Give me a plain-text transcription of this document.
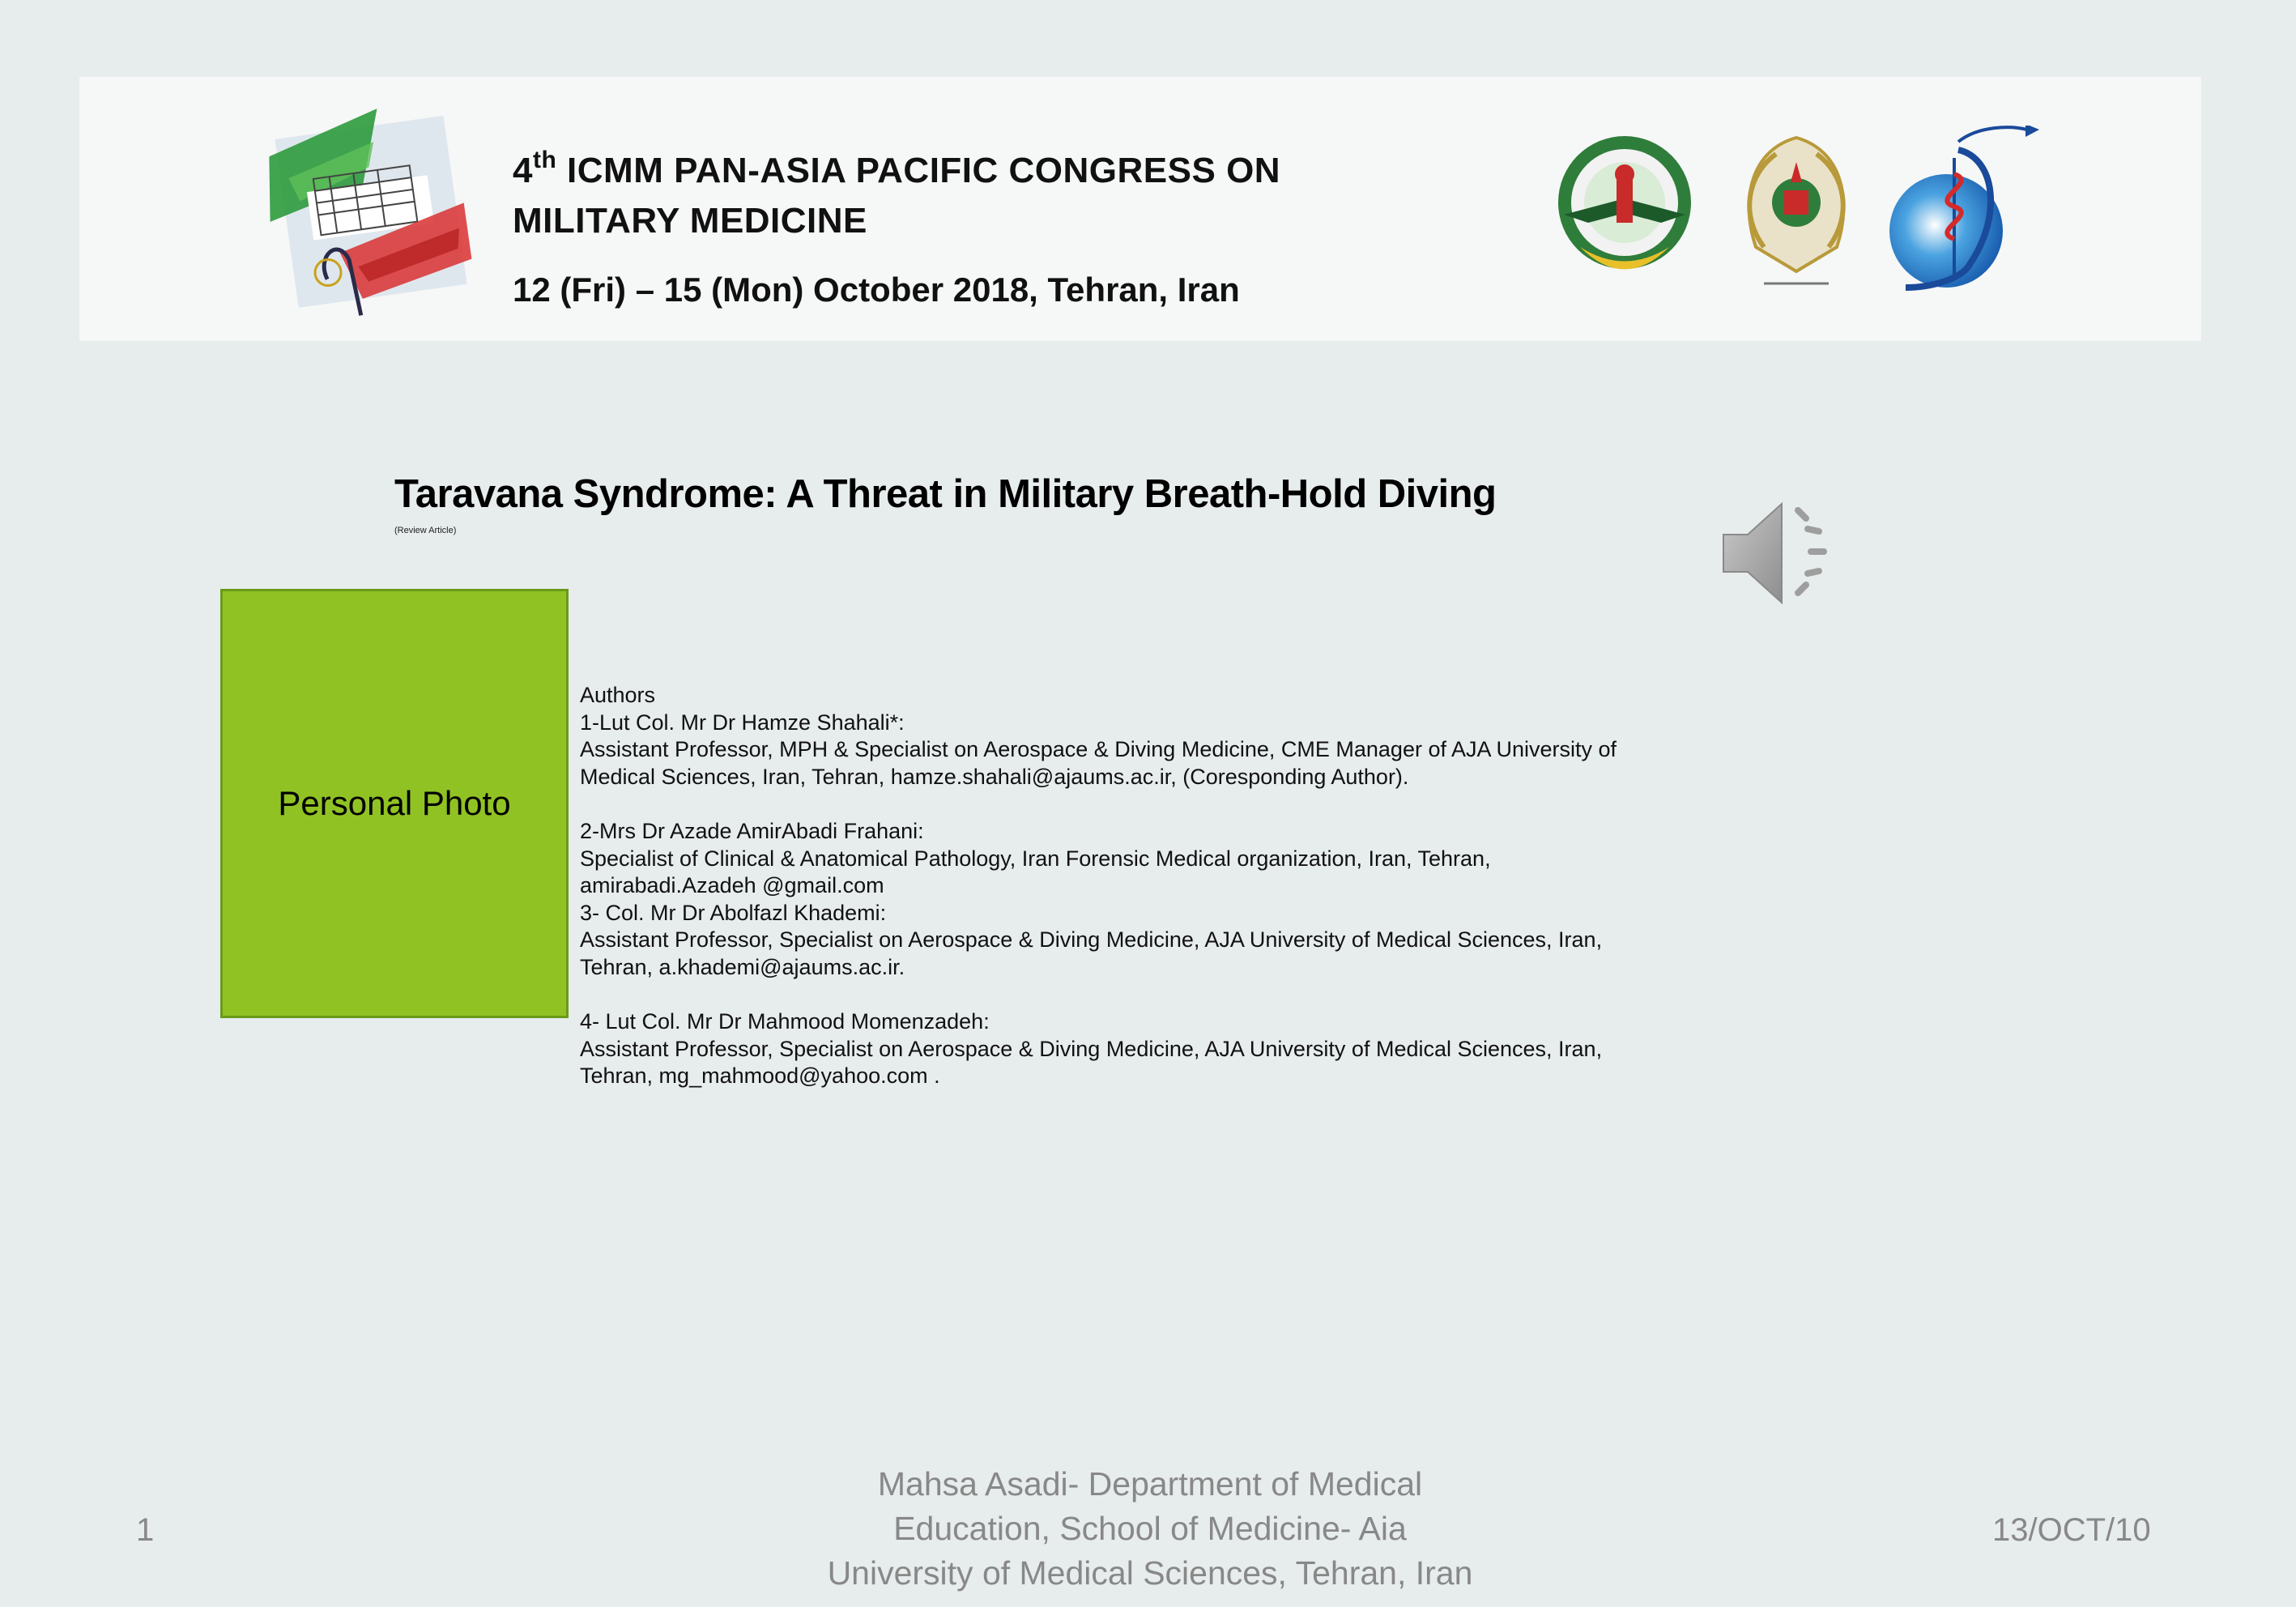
4th ICMM PAN-ASIA PACIFIC CONGRESS ON
MILITARY MEDICINE
12 (Fri) – 15 (Mon) October 2018, Tehran, Iran
Taravana Syndrome: A Threat in Military Breath-Hold Diving
(Review Article)
Personal Photo
Authors
1-Lut Col. Mr Dr Hamze Shahali*:
Assistant Professor, MPH & Specialist on Aerospace & Diving Medicine, CME Manager of AJA University of
Medical Sciences, Iran, Tehran, hamze.shahali@ajaums.ac.ir, (Coresponding Author).

2-Mrs Dr Azade AmirAbadi Frahani:
Specialist of Clinical & Anatomical Pathology, Iran Forensic Medical organization, Iran, Tehran,
amirabadi.Azadeh @gmail.com
3- Col. Mr Dr Abolfazl Khademi:
Assistant Professor, Specialist on Aerospace & Diving Medicine, AJA University of Medical Sciences, Iran,
Tehran, a.khademi@ajaums.ac.ir.

4- Lut Col. Mr Dr Mahmood Momenzadeh:
Assistant Professor, Specialist on Aerospace & Diving Medicine, AJA University of Medical Sciences, Iran,
Tehran, mg_mahmood@yahoo.com .
1
Mahsa Asadi- Department of Medical
Education, School of Medicine- Aia
University of Medical Sciences, Tehran, Iran
13/OCT/10
